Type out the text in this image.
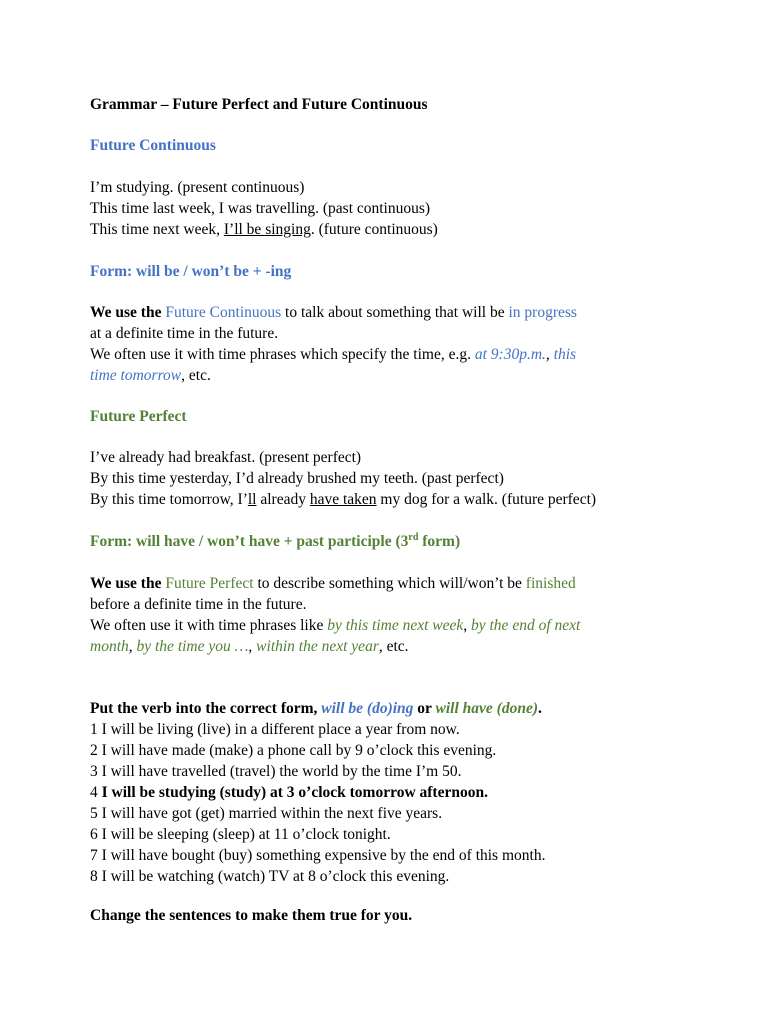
Grammar – Future Perfect and Future Continuous
Future Continuous
I’m studying. (present continuous)
This time last week, I was travelling. (past continuous)
This time next week, I’ll be singing. (future continuous)
Form: will be / won’t be + -ing
We use the Future Continuous to talk about something that will be in progress
at a definite time in the future.
We often use it with time phrases which specify the time, e.g. at 9:30p.m., this
time tomorrow, etc.
Future Perfect
I’ve already had breakfast. (present perfect)
By this time yesterday, I’d already brushed my teeth. (past perfect)
By this time tomorrow, I’ll already have taken my dog for a walk. (future perfect)
Form: will have / won’t have + past participle (3rd form)
We use the Future Perfect to describe something which will/won’t be finished
before a definite time in the future.
We often use it with time phrases like by this time next week, by the end of next
month, by the time you …, within the next year, etc.
Put the verb into the correct form, will be (do)ing or will have (done).
1 I will be living (live) in a different place a year from now.
2 I will have made (make) a phone call by 9 o’clock this evening.
3 I will have travelled (travel) the world by the time I’m 50.
4 I will be studying (study) at 3 o’clock tomorrow afternoon.
5 I will have got (get) married within the next five years.
6 I will be sleeping (sleep) at 11 o’clock tonight.
7 I will have bought (buy) something expensive by the end of this month.
8 I will be watching (watch) TV at 8 o’clock this evening.
Change the sentences to make them true for you.
